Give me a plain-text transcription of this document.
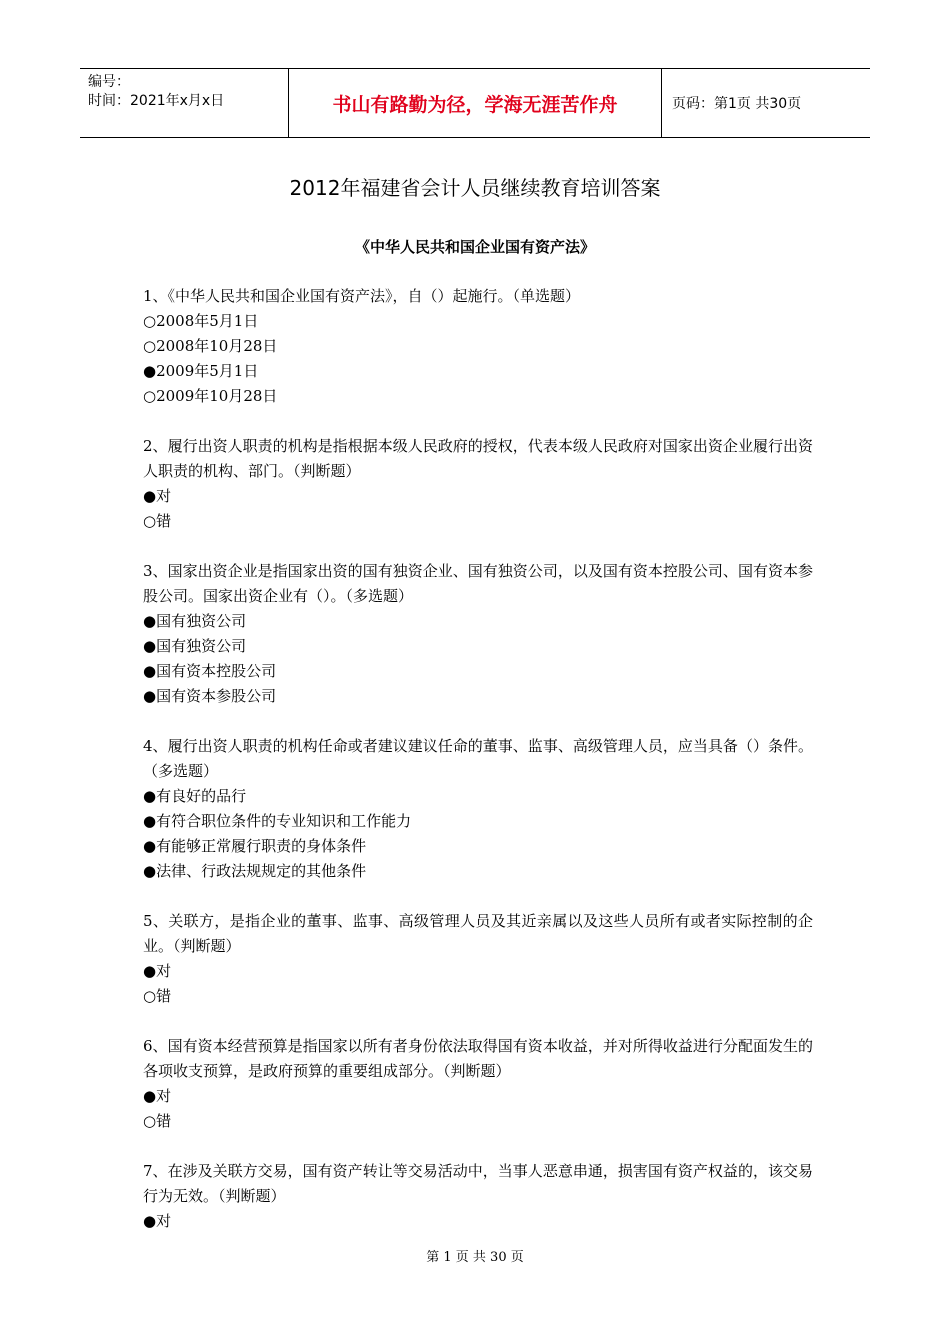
编号：
时间：2021年x月x日	书山有路勤为径，学海无涯苦作舟	页码：第1页 共30页
2012年福建省会计人员继续教育培训答案
《中华人民共和国企业国有资产法》
1、《中华人民共和国企业国有资产法》，自（）起施行。（单选题）
○2008年5月1日
○2008年10月28日
●2009年5月1日
○2009年10月28日
2、履行出资人职责的机构是指根据本级人民政府的授权，代表本级人民政府对国家出资企业履行出资人职责的机构、部门。（判断题）
●对
○错
3、国家出资企业是指国家出资的国有独资企业、国有独资公司，以及国有资本控股公司、国有资本参股公司。国家出资企业有（）。（多选题）
●国有独资公司
●国有独资公司
●国有资本控股公司
●国有资本参股公司
4、履行出资人职责的机构任命或者建议建议任命的董事、监事、高级管理人员，应当具备（）条件。（多选题）
●有良好的品行
●有符合职位条件的专业知识和工作能力
●有能够正常履行职责的身体条件
●法律、行政法规规定的其他条件
5、关联方，是指企业的董事、监事、高级管理人员及其近亲属以及这些人员所有或者实际控制的企业。（判断题）
●对
○错
6、国有资本经营预算是指国家以所有者身份依法取得国有资本收益，并对所得收益进行分配面发生的各项收支预算，是政府预算的重要组成部分。（判断题）
●对
○错
7、在涉及关联方交易，国有资产转让等交易活动中，当事人恶意串通，损害国有资产权益的，该交易行为无效。（判断题）
●对
第 1 页 共 30 页
